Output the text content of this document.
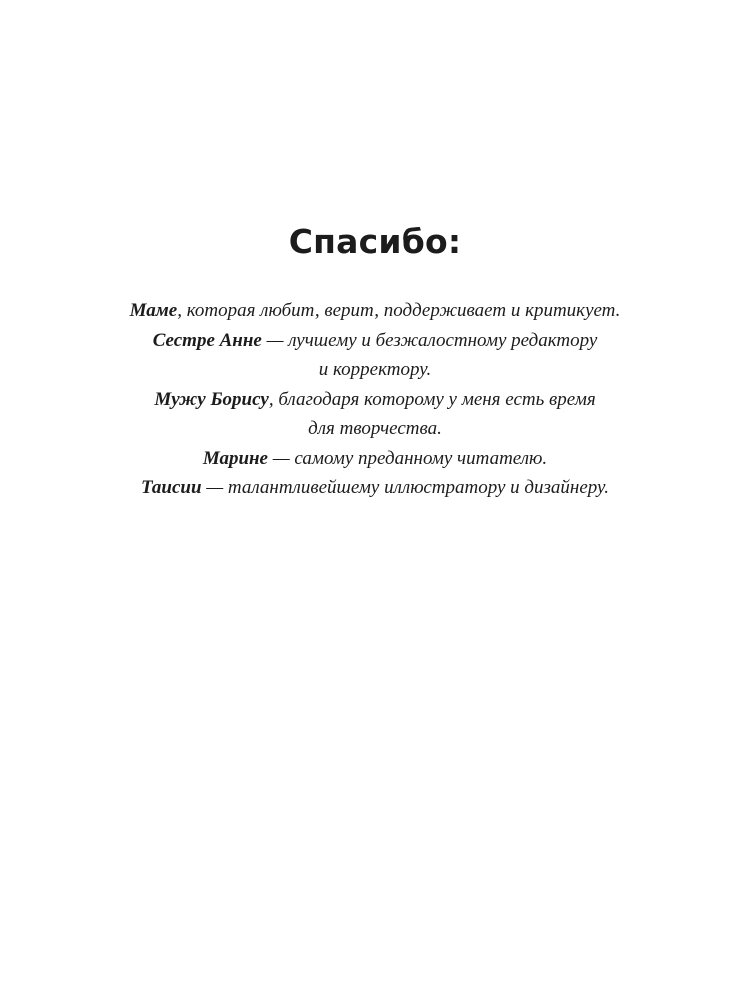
Спасибо:
Маме, которая любит, верит, поддерживает и критикует.
Сестре Анне — лучшему и безжалостному редактору
и корректору.
Мужу Борису, благодаря которому у меня есть время
для творчества.
Марине — самому преданному читателю.
Таисии — талантливейшему иллюстратору и дизайнеру.
